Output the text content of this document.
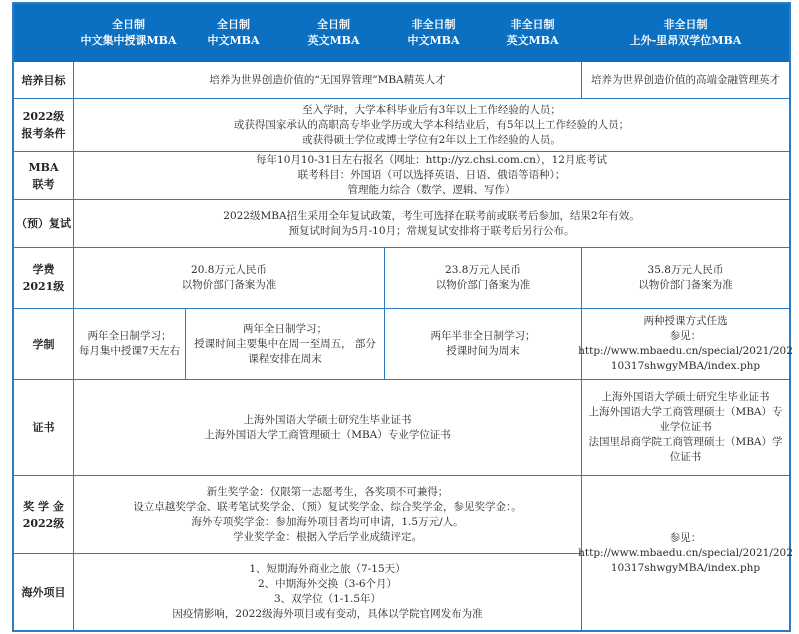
全日制
中文集中授课MBA
全日制
中文MBA
全日制
英文MBA
非全日制
中文MBA
非全日制
英文MBA
非全日制
上外-里昂双学位MBA
培养目标	培养为世界创造价值的“无国界管理”MBA精英人才	培养为世界创造价值的高端金融管理英才
2022级
报考条件
至入学时，大学本科毕业后有3年以上工作经验的人员；
或获得国家承认的高职高专毕业学历或大学本科结业后，有5年以上工作经验的人员；
或获得硕士学位或博士学位有2年以上工作经验的人员。
MBA
联考
每年10月10-31日左右报名（网址：http://yz.chsi.com.cn），12月底考试
联考科目：外国语（可以选择英语、日语、俄语等语种）；
管理能力综合（数学、逻辑、写作）
（预）复试
2022级MBA招生采用全年复试政策，考生可选择在联考前或联考后参加，结果2年有效。
预复试时间为5月-10月；常规复试安排将于联考后另行公布。
学费
2021级
20.8万元人民币
以物价部门备案为准
23.8万元人民币
以物价部门备案为准
35.8万元人民币
以物价部门备案为准
学制
两年全日制学习；
每月集中授课7天左右
两年全日制学习；
授课时间主要集中在周一至周五， 部分
课程安排在周末
两年半非全日制学习；
授课时间为周末
两种授课方式任选
参见：
http://www.mbaedu.cn/special/2021/202
10317shwgyMBA/index.php
证书
上海外国语大学硕士研究生毕业证书
上海外国语大学工商管理硕士（MBA）专业学位证书
上海外国语大学硕士研究生毕业证书
上海外国语大学工商管理硕士（MBA）专
业学位证书
法国里昂商学院工商管理硕士（MBA）学
位证书
奖 学 金
2022级
新生奖学金：仅限第一志愿考生，各奖项不可兼得；
设立卓越奖学金、联考笔试奖学金、（预）复试奖学金、综合奖学金，参见奖学金：。
海外专项奖学金：参加海外项目者均可申请，1.5万元/人。
学业奖学金：根据入学后学业成绩评定。
海外项目
1、短期海外商业之旅（7-15天）
2、中期海外交换（3-6个月）
3、双学位（1-1.5年）
因疫情影响，2022级海外项目或有变动，具体以学院官网发布为准
参见：
http://www.mbaedu.cn/special/2021/202
10317shwgyMBA/index.php
